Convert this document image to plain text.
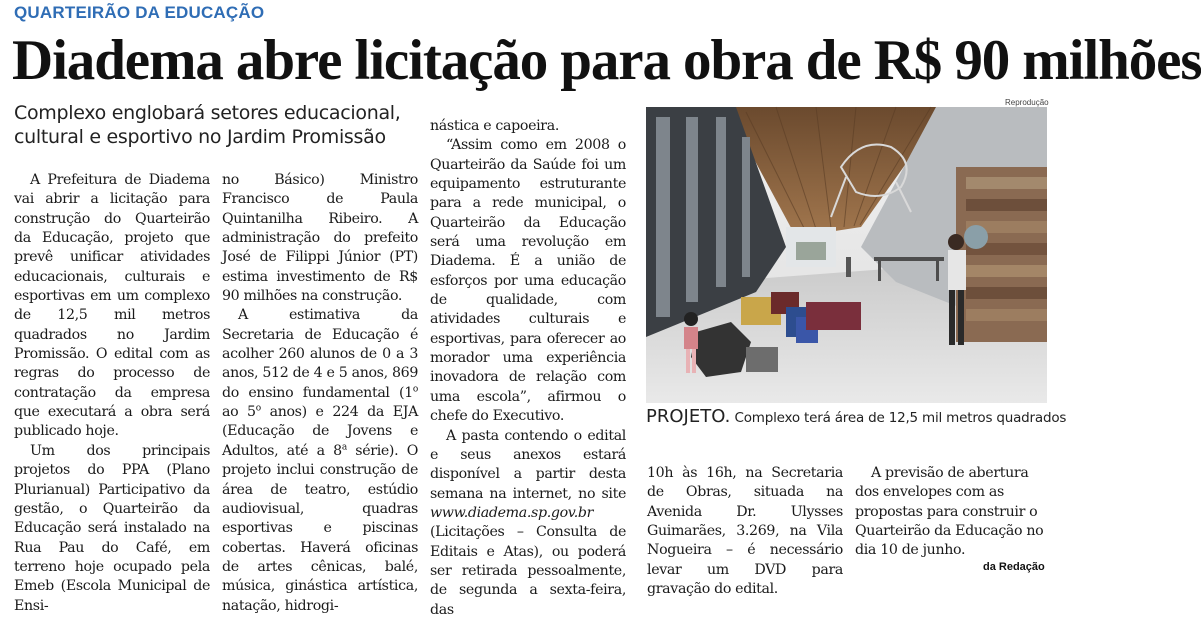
QUARTEIRÃO DA EDUCAÇÃO
Diadema abre licitação para obra de R$ 90 milhões
Complexo englobará setores educacional, cultural e esportivo no Jardim Promissão

A Prefeitura de Diadema vai abrir a licitação para construção do Quarteirão da Educação, projeto que prevê unificar atividades educacionais, culturais e esportivas em um complexo de 12,5 mil metros quadrados no Jardim Promissão. O edital com as regras do processo de contratação da empresa que executará a obra será publicado hoje.

Um dos principais projetos do PPA (Plano Plurianual) Participativo da gestão, o Quarteirão da Educação será instalado na Rua Pau do Café, em terreno hoje ocupado pela Emeb (Escola Municipal de Ensi-

no Básico) Ministro Francisco de Paula Quintanilha Ribeiro. A administração do prefeito José de Filippi Júnior (PT) estima investimento de R$ 90 milhões na construção.

A estimativa da Secretaria de Educação é acolher 260 alunos de 0 a 3 anos, 512 de 4 e 5 anos, 869 do ensino fundamental (1$^o$ ao 5$^o$ anos) e 224 da EJA (Educação de Jovens e Adultos, até a 8$^a$ série). O projeto inclui construção de área de teatro, estúdio audiovisual, quadras esportivas e piscinas cobertas. Haverá oficinas de artes cênicas, balé, música, ginástica artística, natação, hidrogi-

nástica e capoeira.

“Assim como em 2008 o Quarteirão da Saúde foi um equipamento estruturante para a rede municipal, o Quarteirão da Educação será uma revolução em Diadema. É a união de esforços por uma educação de qualidade, com atividades culturais e esportivas, para oferecer ao morador uma experiência inovadora de relação com uma escola”, afirmou o chefe do Executivo.

A pasta contendo o edital e seus anexos estará disponível a partir desta semana na internet, no site www.diadema.sp.gov.br (Licitações – Consulta de Editais e Atas), ou poderá ser retirada pessoalmente, de segunda a sexta-feira, das

Reprodução
PROJETO. Complexo terá área de 12,5 mil metros quadrados

10h às 16h, na Secretaria de Obras, situada na Avenida Dr. Ulysses Guimarães, 3.269, na Vila Nogueira – é necessário levar um DVD para gravação do edital.

A previsão de abertura dos envelopes com as propostas para construir o Quarteirão da Educação no dia 10 de junho.

da Redação
